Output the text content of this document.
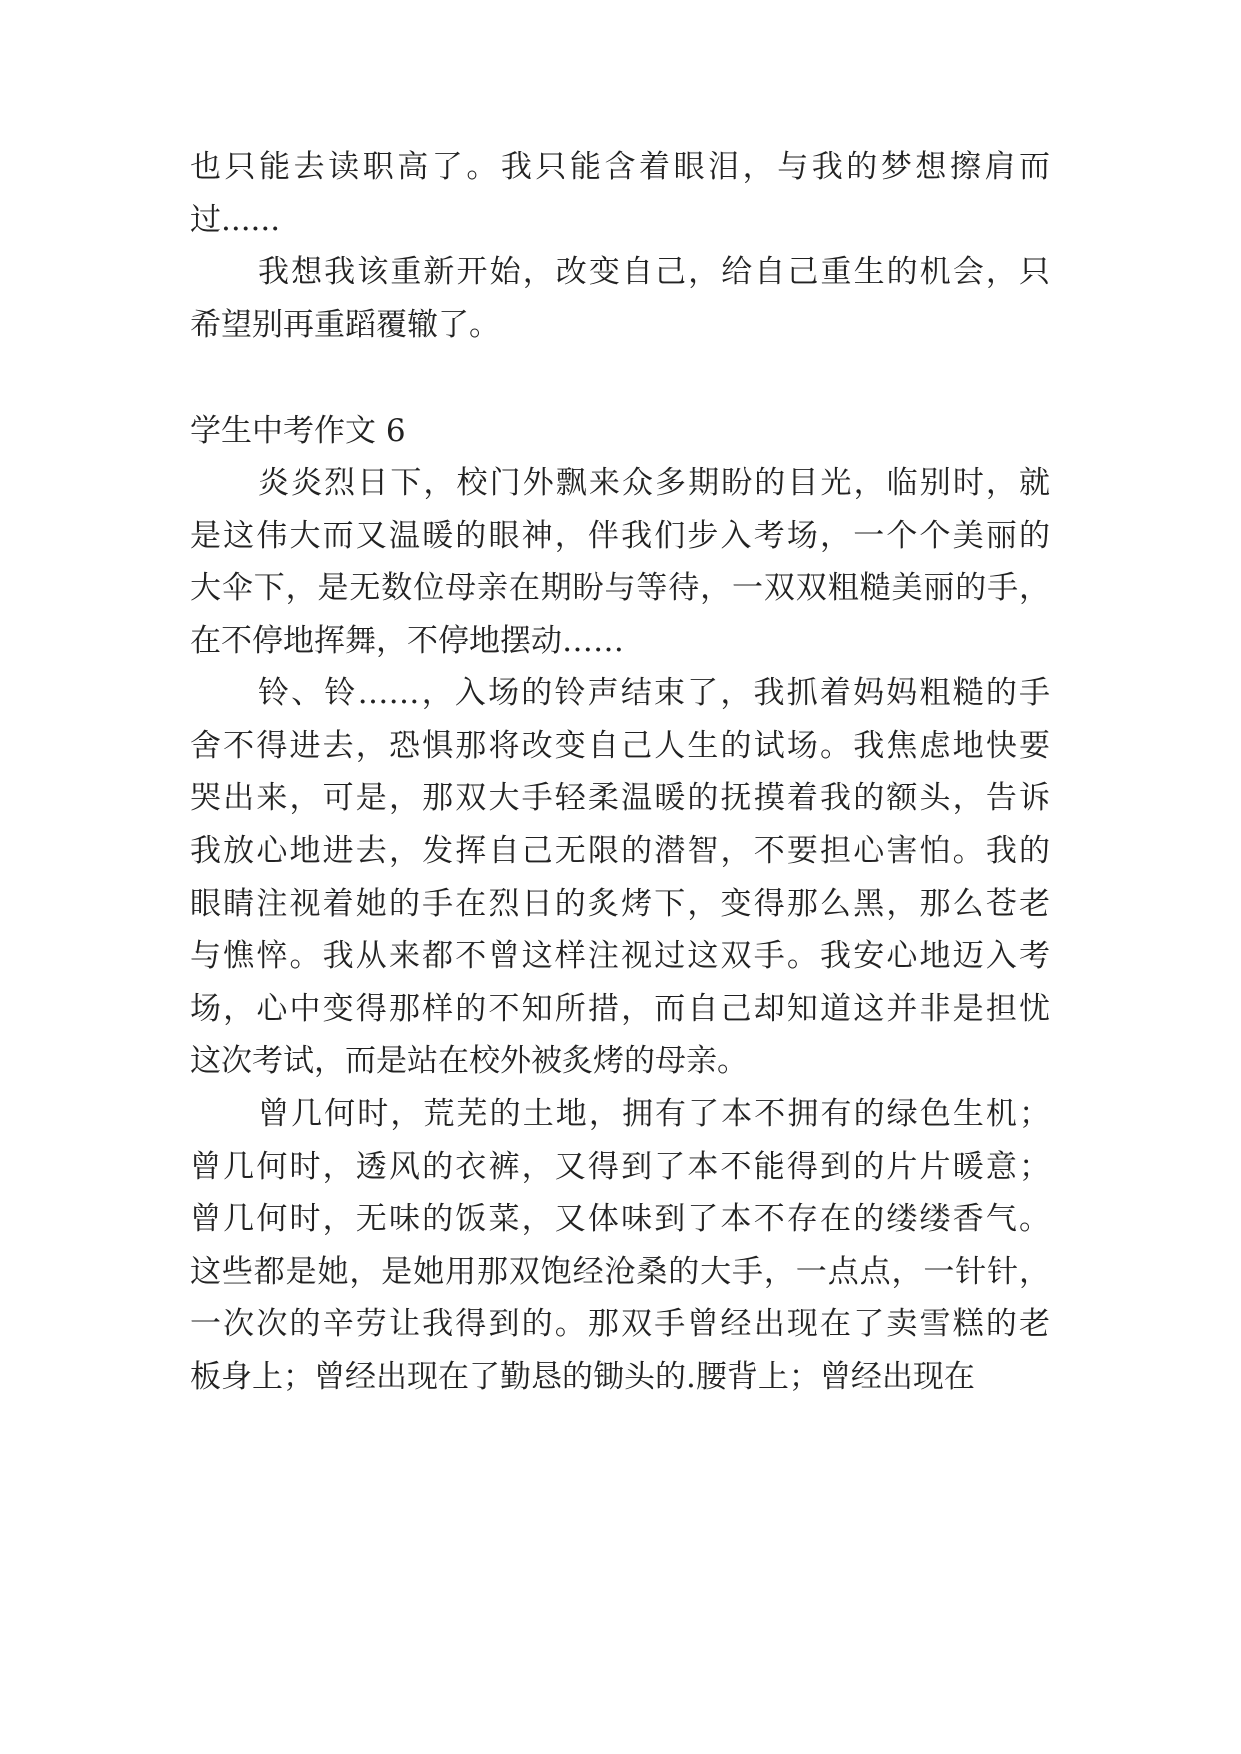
也只能去读职高了。我只能含着眼泪，与我的梦想擦肩而
过......
我想我该重新开始，改变自己，给自己重生的机会，只
希望别再重蹈覆辙了。
学生中考作文 6
炎炎烈日下，校门外飘来众多期盼的目光，临别时，就
是这伟大而又温暖的眼神，伴我们步入考场，一个个美丽的
大伞下，是无数位母亲在期盼与等待，一双双粗糙美丽的手，
在不停地挥舞，不停地摆动……
铃、铃……，入场的铃声结束了，我抓着妈妈粗糙的手
舍不得进去，恐惧那将改变自己人生的试场。我焦虑地快要
哭出来，可是，那双大手轻柔温暖的抚摸着我的额头，告诉
我放心地进去，发挥自己无限的潜智，不要担心害怕。我的
眼睛注视着她的手在烈日的炙烤下，变得那么黑，那么苍老
与憔悴。我从来都不曾这样注视过这双手。我安心地迈入考
场，心中变得那样的不知所措，而自己却知道这并非是担忧
这次考试，而是站在校外被炙烤的母亲。
曾几何时，荒芜的土地，拥有了本不拥有的绿色生机；
曾几何时，透风的衣裤，又得到了本不能得到的片片暖意；
曾几何时，无味的饭菜，又体味到了本不存在的缕缕香气。
这些都是她，是她用那双饱经沧桑的大手，一点点，一针针，
一次次的辛劳让我得到的。那双手曾经出现在了卖雪糕的老
板身上；曾经出现在了勤恳的锄头的.腰背上；曾经出现在
